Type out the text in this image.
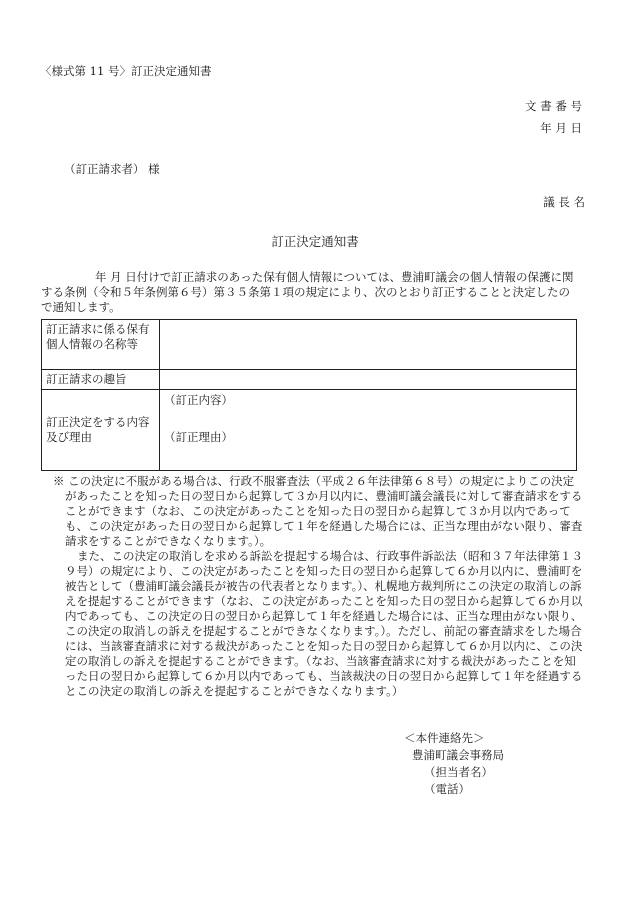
〈様式第 11 号〉訂正決定通知書
文 書 番 号
年 月 日
（訂正請求者） 様
議 長 名
訂正決定通知書

年 月 日付けで訂正請求のあった保有個人情報については、豊浦町議会の個人情報の保護に関する条例（令和５年条例第６号）第３５条第１項の規定により、次のとおり訂正することと決定したので通知します。

訂正請求に係る保有個人情報の名称等	
訂正請求の趣旨	
訂正決定をする内容及び理由	（訂正内容）
（訂正理由）

※ この決定に不服がある場合は、行政不服審査法（平成２６年法律第６８号）の規定によりこの決定があったことを知った日の翌日から起算して３か月以内に、豊浦町議会議長に対して審査請求をすることができます（なお、この決定があったことを知った日の翌日から起算して３か月以内であっても、この決定があった日の翌日から起算して１年を経過した場合には、正当な理由がない限り、審査請求をすることができなくなります。）。

また、この決定の取消しを求める訴訟を提起する場合は、行政事件訴訟法（昭和３７年法律第１３９号）の規定により、この決定があったことを知った日の翌日から起算して６か月以内に、豊浦町を被告として（豊浦町議会議長が被告の代表者となります。）、札幌地方裁判所にこの決定の取消しの訴えを提起することができます（なお、この決定があったことを知った日の翌日から起算して６か月以内であっても、この決定の日の翌日から起算して１年を経過した場合には、正当な理由がない限り、この決定の取消しの訴えを提起することができなくなります。）。ただし、前記の審査請求をした場合には、当該審査請求に対する裁決があったことを知った日の翌日から起算して６か月以内に、この決定の取消しの訴えを提起することができます。（なお、当該審査請求に対する裁決があったことを知った日の翌日から起算して６か月以内であっても、当該裁決の日の翌日から起算して１年を経過するとこの決定の取消しの訴えを提起することができなくなります。）

＜本件連絡先＞
豊浦町議会事務局
（担当者名）
（電話）
